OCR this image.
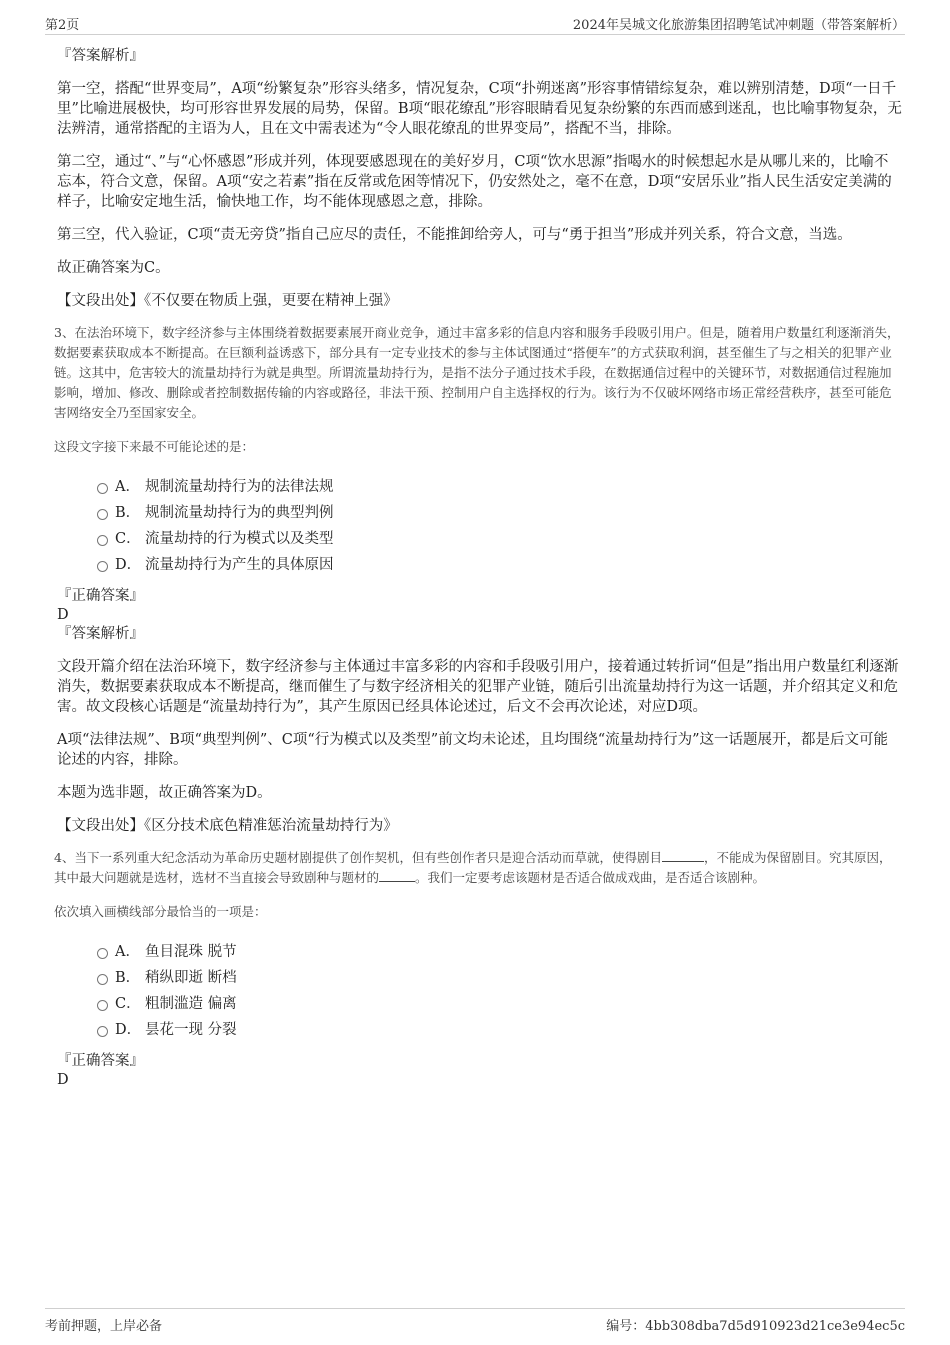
第2页	2024年吴城文化旅游集团招聘笔试冲刺题（带答案解析）

『答案解析』

第一空，搭配“世界变局”，A项“纷繁复杂”形容头绪多，情况复杂，C项“扑朔迷离”形容事情错综复杂，难以辨别清楚，D项“一日千里”比喻进展极快，均可形容世界发展的局势，保留。B项“眼花缭乱”形容眼睛看见复杂纷繁的东西而感到迷乱，也比喻事物复杂，无法辨清，通常搭配的主语为人，且在文中需表述为“令人眼花缭乱的世界变局”，搭配不当，排除。

第二空，通过“、”与“心怀感恩”形成并列，体现要感恩现在的美好岁月，C项“饮水思源”指喝水的时候想起水是从哪儿来的，比喻不忘本，符合文意，保留。A项“安之若素”指在反常或危困等情况下，仍安然处之，毫不在意，D项“安居乐业”指人民生活安定美满的样子，比喻安定地生活，愉快地工作，均不能体现感恩之意，排除。

第三空，代入验证，C项“责无旁贷”指自己应尽的责任，不能推卸给旁人，可与“勇于担当”形成并列关系，符合文意，当选。

故正确答案为C。

【文段出处】《不仅要在物质上强，更要在精神上强》

3、在法治环境下，数字经济参与主体围绕着数据要素展开商业竞争，通过丰富多彩的信息内容和服务手段吸引用户。但是，随着用户数量红利逐渐消失，数据要素获取成本不断提高。在巨额利益诱惑下，部分具有一定专业技术的参与主体试图通过“搭便车”的方式获取利润，甚至催生了与之相关的犯罪产业链。这其中，危害较大的流量劫持行为就是典型。所谓流量劫持行为，是指不法分子通过技术手段，在数据通信过程中的关键环节，对数据通信过程施加影响，增加、修改、删除或者控制数据传输的内容或路径，非法干预、控制用户自主选择权的行为。该行为不仅破坏网络市场正常经营秩序，甚至可能危害网络安全乃至国家安全。

这段文字接下来最不可能论述的是：

A． 规制流量劫持行为的法律法规
B． 规制流量劫持行为的典型判例
C． 流量劫持的行为模式以及类型
D． 流量劫持行为产生的具体原因

『正确答案』

D

『答案解析』

文段开篇介绍在法治环境下，数字经济参与主体通过丰富多彩的内容和手段吸引用户，接着通过转折词“但是”指出用户数量红利逐渐消失，数据要素获取成本不断提高，继而催生了与数字经济相关的犯罪产业链，随后引出流量劫持行为这一话题，并介绍其定义和危害。故文段核心话题是“流量劫持行为”，其产生原因已经具体论述过，后文不会再次论述，对应D项。

A项“法律法规”、B项“典型判例”、C项“行为模式以及类型”前文均未论述，且均围绕“流量劫持行为”这一话题展开，都是后文可能论述的内容，排除。

本题为选非题，故正确答案为D。

【文段出处】《区分技术底色精准惩治流量劫持行为》

4、当下一系列重大纪念活动为革命历史题材剧提供了创作契机，但有些创作者只是迎合活动而草就，使得剧目	，不能成为保留剧目。究其原因，其中最大问题就是选材，选材不当直接会导致剧种与题材的	。我们一定要考虑该题材是否适合做成戏曲，是否适合该剧种。

依次填入画横线部分最恰当的一项是：

A． 鱼目混珠 脱节
B． 稍纵即逝 断档
C． 粗制滥造 偏离
D． 昙花一现 分裂

『正确答案』

D

考前押题，上岸必备	编号：4bb308dba7d5d910923d21ce3e94ec5c
